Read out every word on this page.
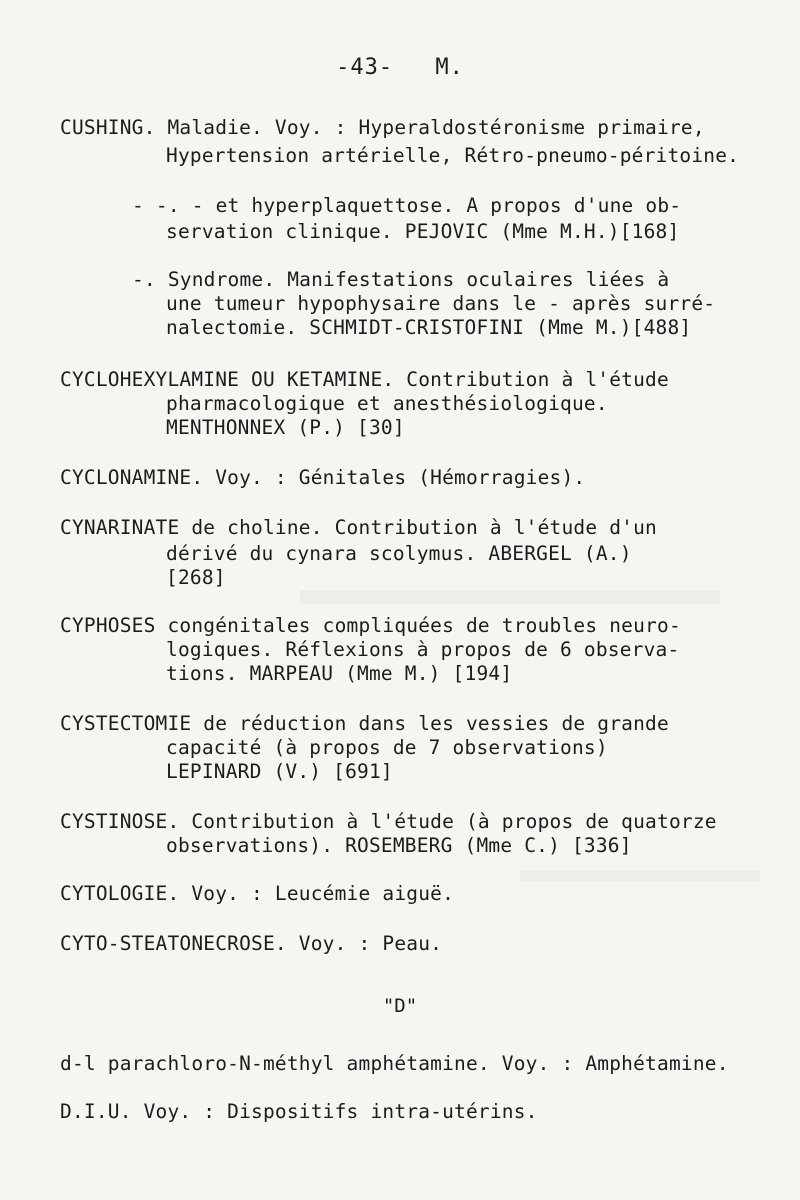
-43- M.
CUSHING. Maladie. Voy. : Hyperaldostéronisme primaire,
Hypertension artérielle, Rétro-pneumo-péritoine.
- -. - et hyperplaquettose. A propos d'une ob-
servation clinique. PEJOVIC (Mme M.H.)[168]
-. Syndrome. Manifestations oculaires liées à
une tumeur hypophysaire dans le - après surré-
nalectomie. SCHMIDT-CRISTOFINI (Mme M.)[488]
CYCLOHEXYLAMINE OU KETAMINE. Contribution à l'étude
pharmacologique et anesthésiologique.
MENTHONNEX (P.) [30]
CYCLONAMINE. Voy. : Génitales (Hémorragies).
CYNARINATE de choline. Contribution à l'étude d'un
dérivé du cynara scolymus. ABERGEL (A.)
[268]
CYPHOSES congénitales compliquées de troubles neuro-
logiques. Réflexions à propos de 6 observa-
tions. MARPEAU (Mme M.) [194]
CYSTECTOMIE de réduction dans les vessies de grande
capacité (à propos de 7 observations)
LEPINARD (V.) [691]
CYSTINOSE. Contribution à l'étude (à propos de quatorze
observations). ROSEMBERG (Mme C.) [336]
CYTOLOGIE. Voy. : Leucémie aiguë.
CYTO-STEATONECROSE. Voy. : Peau.
"D"
d-l parachloro-N-méthyl amphétamine. Voy. : Amphétamine.
D.I.U. Voy. : Dispositifs intra-utérins.
